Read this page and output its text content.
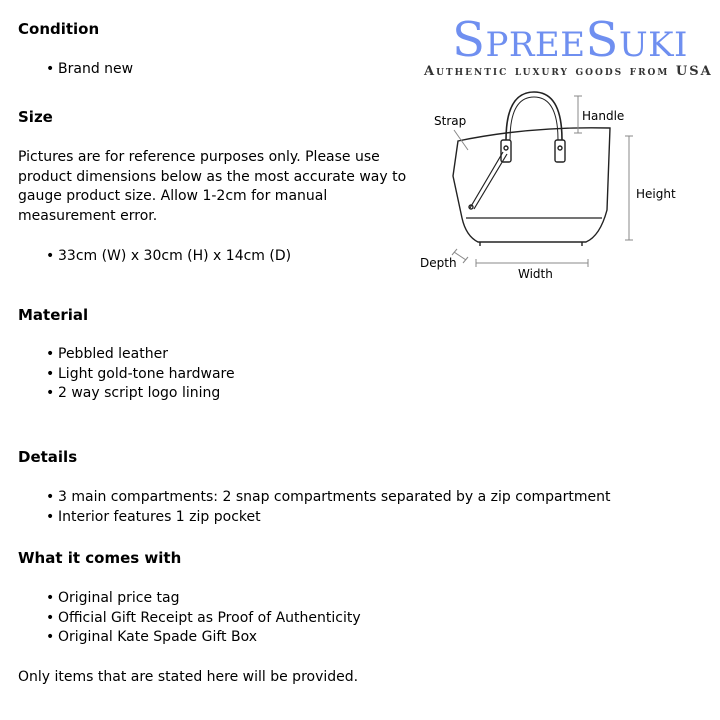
Condition
• Brand new
Size
Pictures are for reference purposes only. Please use
product dimensions below as the most accurate way to
gauge product size. Allow 1-2cm for manual
measurement error.
• 33cm (W) x 30cm (H) x 14cm (D)
Material
• Pebbled leather
• Light gold-tone hardware
• 2 way script logo lining
Details
• 3 main compartments: 2 snap compartments separated by a zip compartment
• Interior features 1 zip pocket
What it comes with
• Original price tag
• Official Gift Receipt as Proof of Authenticity
• Original Kate Spade Gift Box
Only items that are stated here will be provided.
SpreeSuki
Authentic luxury goods from USA
Strap	Handle
Height
Depth
Width
